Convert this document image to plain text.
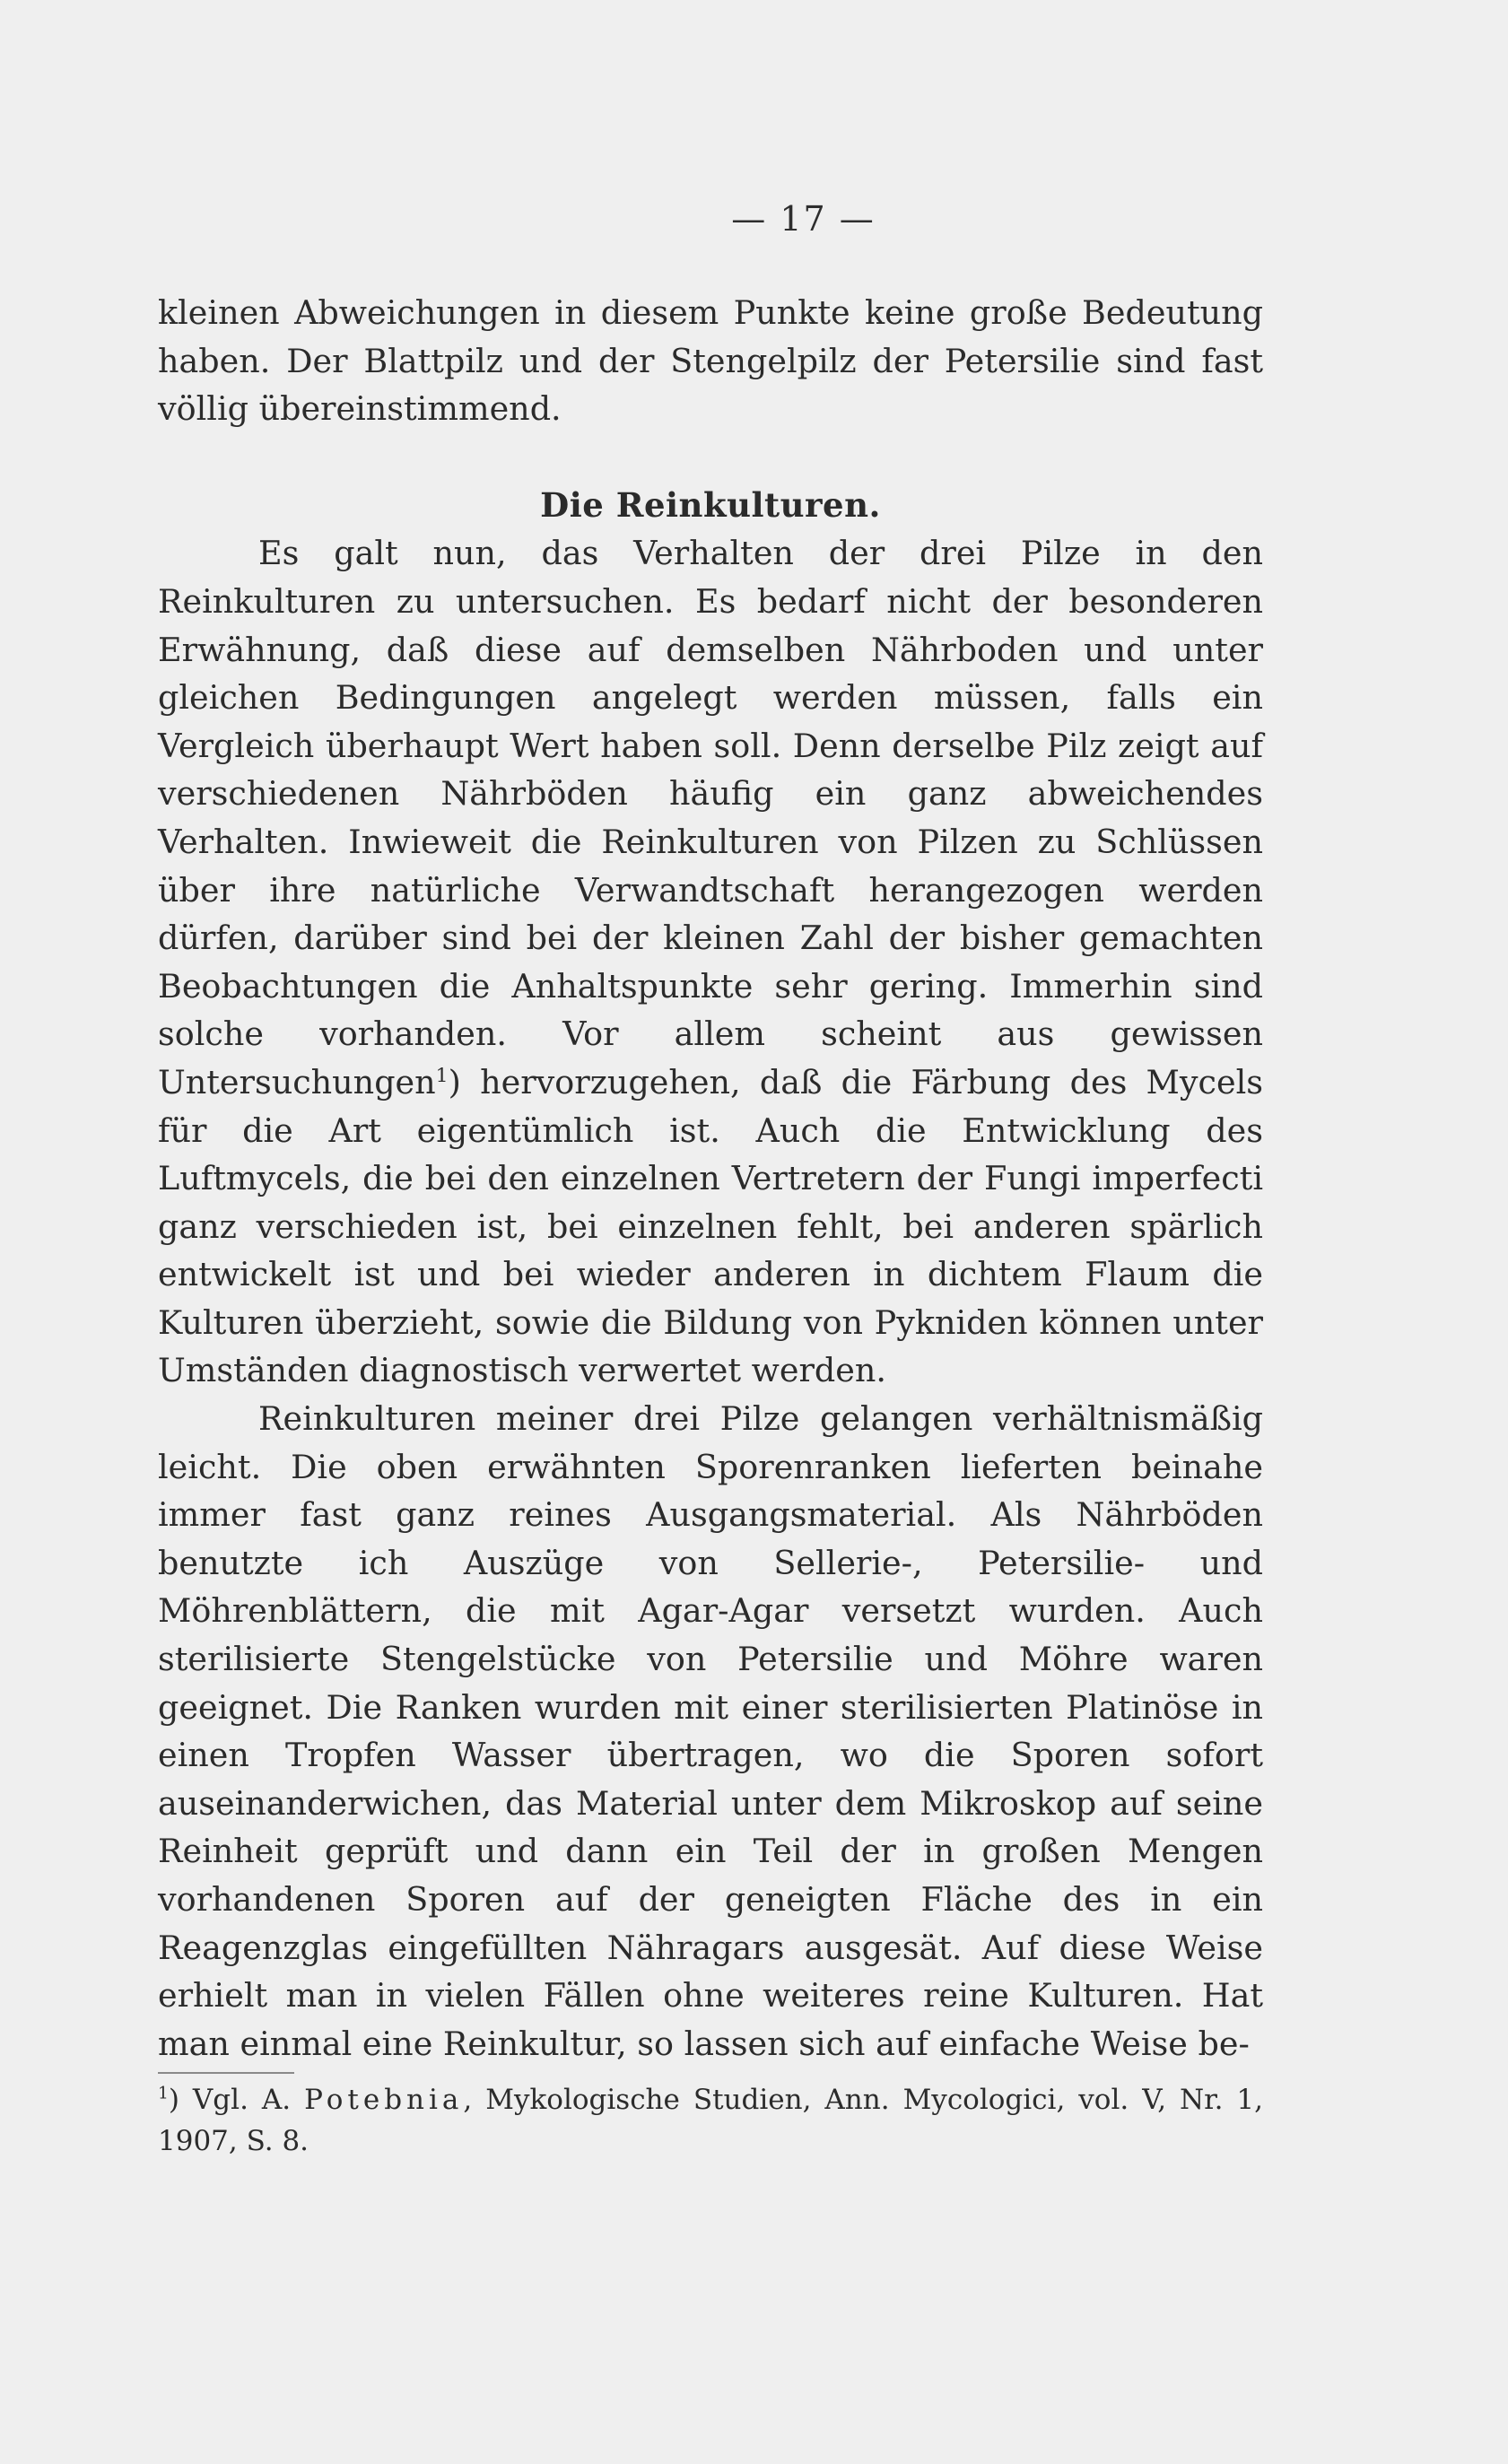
— 17 —

kleinen Abweichungen in diesem Punkte keine große Bedeutung haben. Der Blattpilz und der Stengelpilz der Petersilie sind fast völlig übereinstimmend.

Die Reinkulturen.

Es galt nun, das Verhalten der drei Pilze in den Reinkulturen zu untersuchen. Es bedarf nicht der besonderen Erwähnung, daß diese auf demselben Nährboden und unter gleichen Bedingungen angelegt werden müssen, falls ein Vergleich überhaupt Wert haben soll. Denn derselbe Pilz zeigt auf verschiedenen Nährböden häufig ein ganz abweichendes Verhalten. Inwieweit die Reinkulturen von Pilzen zu Schlüssen über ihre natürliche Verwandtschaft herangezogen werden dürfen, darüber sind bei der kleinen Zahl der bisher gemachten Beobachtungen die Anhaltspunkte sehr gering. Immerhin sind solche vorhanden. Vor allem scheint aus gewissen Untersuchungen$^1$) hervorzugehen, daß die Färbung des Mycels für die Art eigentümlich ist. Auch die Entwicklung des Luftmycels, die bei den einzelnen Vertretern der Fungi imperfecti ganz verschieden ist, bei einzelnen fehlt, bei anderen spärlich entwickelt ist und bei wieder anderen in dichtem Flaum die Kulturen überzieht, sowie die Bildung von Pykniden können unter Umständen diagnostisch verwertet werden.

Reinkulturen meiner drei Pilze gelangen verhältnismäßig leicht. Die oben erwähnten Sporenranken lieferten beinahe immer fast ganz reines Ausgangsmaterial. Als Nährböden benutzte ich Auszüge von Sellerie-, Petersilie- und Möhrenblättern, die mit Agar-Agar versetzt wurden. Auch sterilisierte Stengelstücke von Petersilie und Möhre waren geeignet. Die Ranken wurden mit einer sterilisierten Platinöse in einen Tropfen Wasser übertragen, wo die Sporen sofort auseinanderwichen, das Material unter dem Mikroskop auf seine Reinheit geprüft und dann ein Teil der in großen Mengen vorhandenen Sporen auf der geneigten Fläche des in ein Reagenzglas eingefüllten Nähragars ausgesät. Auf diese Weise erhielt man in vielen Fällen ohne weiteres reine Kulturen. Hat man einmal eine Reinkultur, so lassen sich auf einfache Weise be-

$^1$) Vgl. A. Potebnia, Mykologische Studien, Ann. Mycologici, vol. V, Nr. 1, 1907, S. 8.
